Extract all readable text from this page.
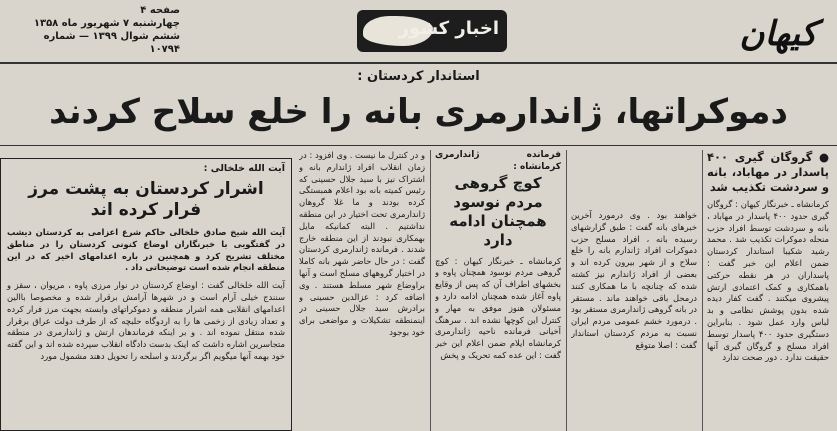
کیهان
اخبار کشور
صفحه ۴
چهارشنبه ۷ شهریور ماه ۱۳۵۸
ششم شوال ۱۳۹۹ — شماره ۱۰۷۹۴
استاندار کردستان :
دموکراتها، ژاندارمری بانه را خلع سلاح کردند
● گروگان گیری ۴۰۰ پاسدار در مهاباد، بانه و سردشت تکذیب شد

کرمانشاه ـ خبرنگار کیهان : گروگان گیری حدود ۴۰۰ پاسدار در مهاباد ، بانه و سردشت توسط افراد حزب منحله دموکرات تکذیب شد . محمد رشید شکیبا استاندار کردستان ضمن اعلام این خبر گفت : پاسداران در هر نقطه حرکتی باهمکاری و کمک اعتمادی ارتش پیشروی میکنند . گفت کفار دیده شده بدون پوشش نظامی و بد لباس وارد عمل شود . بنابراین دستگیری حدود ۴۰۰ پاسدار توسط افراد مسلح و گروگان گیری آنها حقیقت ندارد . دور صحت ندارد

خواهند بود . وی درمورد آخرین خبرهای بانه گفت : طبق گزارشهای رسیده بانه ، افراد مسلح حزب دموکرات افراد ژاندارم بانه را خلع سلاح و از شهر بیرون کرده اند و بعضی از افراد ژاندارم نیز کشته شده که چنانچه با ما همکاری کنند درمحل باقی خواهند ماند . مستقر در بانه گروهی ژاندارمری مستقر بود . درمورد خشم عمومی مردم ایران نسبت به مردم کردستان استاندار گفت : اصلا متوقع

فرمانده ژاندارمری کرمانشاه :
کوچ گروهی مردم نوسود همچنان ادامه دارد

کرمانشاه ـ خبرنگار کیهان : کوچ گروهی مردم نوسود همچنان پاوه و بخشهای اطراف آن که پس از وقایع پاوه آغاز شده همچنان ادامه دارد و مسئولان هنوز موفق به مهار و کنترل این کوچها نشده اند . سرهنگ آخیانی فرمانده ناحیه ژاندارمری کرمانشاه ایلام ضمن اعلام این خبر گفت : این عده کمه تحریک و پخش

و در کنترل ما نیست . وی افزود : در زمان انقلاب افراد ژاندارم بانه و اشتراک نیز با سید جلال حسینی که رئیس کمیته بانه بود اعلام همبستگی کرده بودند و ما غلا گروهان ژاندارمری تحت اختیار در این منطقه نداشتیم . البته کمانیکه مایل بهمکاری نبودند از این منطقه خارج شدند . فرمانده ژاندارمری کردستان گفت : در حال حاضر شهر بانه کاملا در اختیار گروههای مسلح است و آنها براوضاع شهر مسلط هستند . وی اضافه کرد : عزالدین حسینی و برادرش سید جلال حسینی در اینمنطقه تشکیلات و مواضعی برای خود بوجود

آیت الله خلخالی :
اشرار کردستان به پشت مرز فرار کرده اند

آیت الله شیخ صادق خلخالی حاکم شرع اعزامی به کردستان دیشب در گفتگویی با خبرنگاران اوضاع کنونی کردستان را در مناطق مختلف تشریح کرد و همچنین در باره اعدامهای اخیر که در این منطقه انجام شده است توضیحاتی داد .

آیت الله خلخالی گفت : اوضاع کردستان در نوار مرزی پاوه ، مریوان ، سقز و سنندج خیلی آرام است و در شهرها آرامش برقرار شده و مخصوصا باالین اعدامهای انقلابی همه اشرار منطقه و دموکراتهای وابسته بجهت مرز فرار کرده و تعداد زیادی از زخمی ها را به اردوگاه حلبچه که از طرف دولت عراق برقرار شده منتقل نموده اند . و بر اینکه فرماندهان ارتش و ژاندارمری در منطقه متجاسرین اشاره داشت که اینک بدست دادگاه انقلاب سپرده شده اند و این گفته خود بهمه آنها میگویم اگر برگردند و اسلحه را تحویل دهند مشمول مورد
